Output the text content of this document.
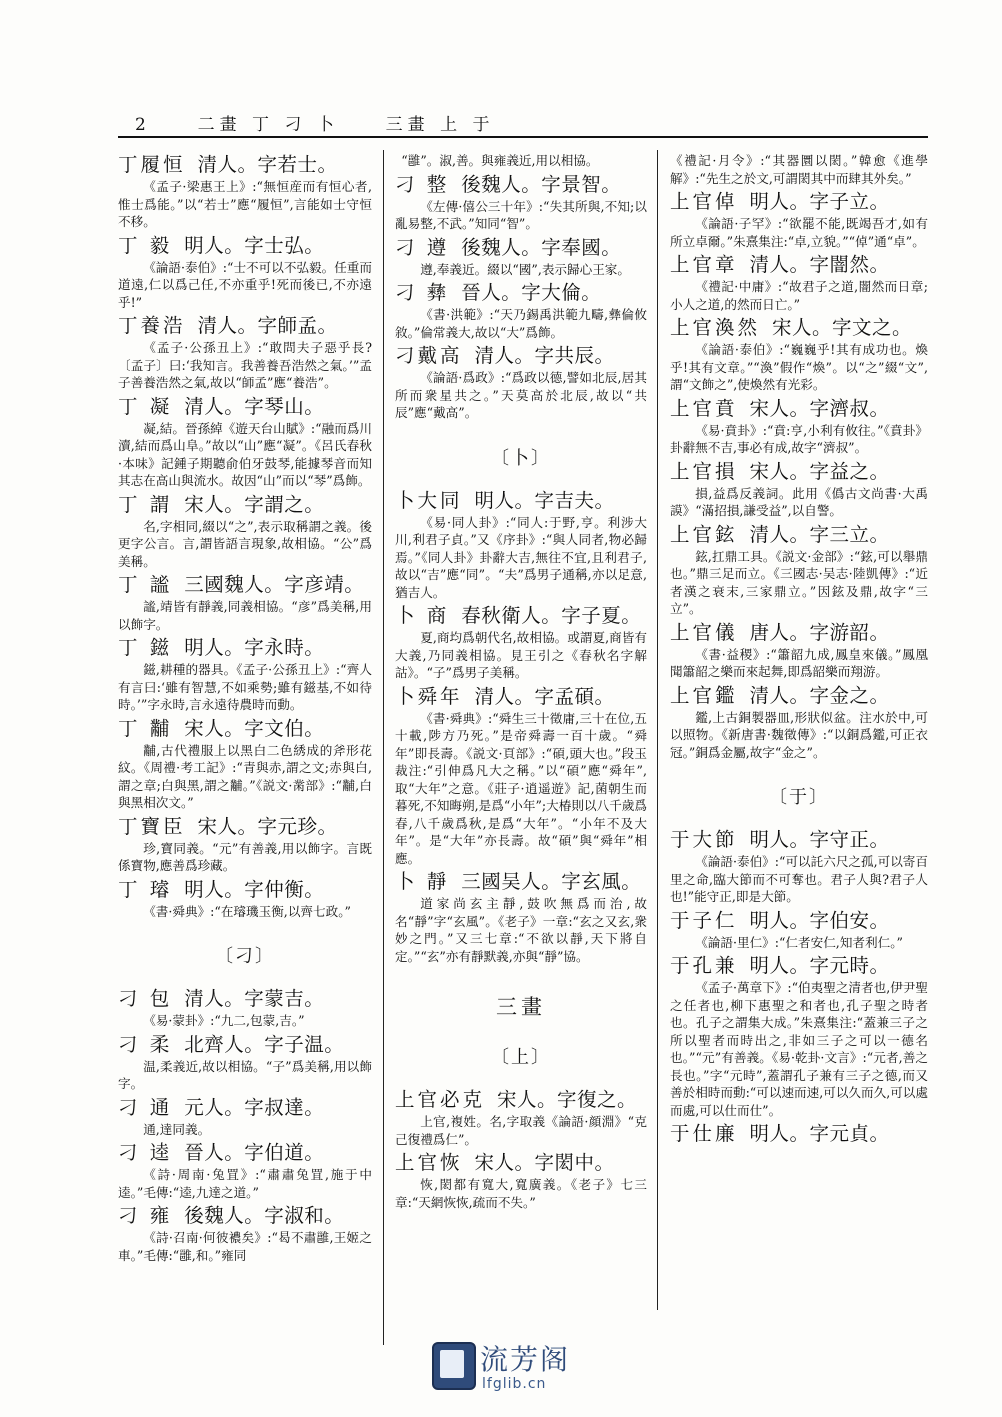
2	二畫 丁 刁 卜	三畫 上 于
丁履恒 清人。字若士。

《孟子·梁惠王上》:“無恒産而有恒心者,惟士爲能。”以“若士”應“履恒”,言能如士守恒不移。

丁 毅 明人。字士弘。

《論語·泰伯》:“士不可以不弘毅。任重而道遠,仁以爲己任,不亦重乎!死而後已,不亦遠乎!”

丁養浩 清人。字師孟。

《孟子·公孫丑上》:“敢問夫子惡乎長?〔孟子〕曰:‘我知言。我善養吾浩然之氣。’”孟子善養浩然之氣,故以“師孟”應“養浩”。

丁 凝 清人。字琴山。

凝,結。晉孫綽《遊天台山賦》:“融而爲川瀆,結而爲山阜。”故以“山”應“凝”。《呂氏春秋·本味》記鍾子期聽俞伯牙鼓琴,能據琴音而知其志在高山與流水。故因“山”而以“琴”爲飾。

丁 謂 宋人。字謂之。

名,字相同,綴以“之”,表示取稱謂之義。後更字公言。言,謂皆語言現象,故相協。“公”爲美稱。

丁 謐 三國魏人。字彦靖。

謐,靖皆有靜義,同義相協。“彦”爲美稱,用以飾字。

丁 鎡 明人。字永時。

鎡,耕種的器具。《孟子·公孫丑上》:“齊人有言曰:‘雖有智慧,不如乘勢;雖有鎡基,不如待時。’”字永時,言永遠待農時而動。

丁 黼 宋人。字文伯。

黼,古代禮服上以黑白二色綉成的斧形花紋。《周禮·考工記》:“青與赤,謂之文;赤與白,謂之章;白與黑,謂之黼。”《説文·黹部》:“黼,白與黑相次文。”

丁寶臣 宋人。字元珍。

珍,寶同義。“元”有善義,用以飾字。言既係寶物,應善爲珍藏。

丁 璿 明人。字仲衡。

《書·舜典》:“在璿璣玉衡,以齊七政。”

〔刁〕
刁 包 清人。字蒙吉。

《易·蒙卦》:“九二,包蒙,吉。”

刁 柔 北齊人。字子温。

温,柔義近,故以相協。“子”爲美稱,用以飾字。

刁 通 元人。字叔達。

通,達同義。

刁 逵 晉人。字伯道。

《詩·周南·兔罝》:“肅肅兔罝,施于中逵。”毛傳:“逵,九達之道。”

刁 雍 後魏人。字淑和。

《詩·召南·何彼襛矣》:“曷不肅雝,王姬之車。”毛傳:“雝,和。”雍同

“雝”。淑,善。與雍義近,用以相協。
刁 整 後魏人。字景智。

《左傳·僖公三十年》:“失其所與,不知;以亂易整,不武。”知同“智”。

刁 遵 後魏人。字奉國。

遵,奉義近。綴以“國”,表示歸心王家。

刁 彝 晉人。字大倫。

《書·洪範》:“天乃錫禹洪範九疇,彝倫攸敘。”倫常義大,故以“大”爲飾。

刁戴高 清人。字共辰。

《論語·爲政》:“爲政以德,譬如北辰,居其所而衆星共之。”天莫高於北辰,故以“共辰”應“戴高”。

〔卜〕
卜大同 明人。字吉夫。

《易·同人卦》:“同人:于野,亨。利涉大川,利君子貞。”又《序卦》:“與人同者,物必歸焉。”《同人卦》卦辭大吉,無往不宜,且利君子,故以“吉”應“同”。“夫”爲男子通稱,亦以足意,猶吉人。

卜 商 春秋衛人。字子夏。

夏,商均爲朝代名,故相協。或謂夏,商皆有大義,乃同義相協。見王引之《春秋名字解詁》。“子”爲男子美稱。

卜舜年 清人。字孟碩。

《書·舜典》:“舜生三十徵庸,三十在位,五十載,陟方乃死。”是帝舜壽一百十歲。“舜年”即長壽。《説文·頁部》:“碩,頭大也。”段玉裁注:“引伸爲凡大之稱。”以“碩”應“舜年”,取“大年”之意。《莊子·逍遥遊》記,菌朝生而暮死,不知晦朔,是爲“小年”;大椿則以八千歲爲春,八千歲爲秋,是爲“大年”。“小年不及大年”。是“大年”亦長壽。故“碩”與“舜年”相應。

卜 靜 三國吴人。字玄風。

道家尚玄主靜,鼓吹無爲而治,故名“靜”字“玄風”。《老子》一章:“玄之又玄,衆妙之門。”又三七章:“不欲以靜,天下將自定。”“玄”亦有靜默義,亦與“靜”協。

三畫
〔上〕
上官必克 宋人。字復之。

上官,複姓。名,字取義《論語·顔淵》“克己復禮爲仁”。

上官恢 宋人。字閎中。

恢,閎都有寬大,寬廣義。《老子》七三章:“天網恢恢,疏而不失。”

《禮記·月令》:“其器圜以閎。”韓愈《進學解》:“先生之於文,可謂閎其中而肆其外矣。”
上官倬 明人。字子立。

《論語·子罕》:“欲罷不能,既竭吾才,如有所立卓爾。”朱熹集注:“卓,立貌。”“倬”通“卓”。

上官章 清人。字闇然。

《禮記·中庸》:“故君子之道,闇然而日章;小人之道,的然而日亡。”

上官渙然 宋人。字文之。

《論語·泰伯》:“巍巍乎!其有成功也。煥乎!其有文章。”“渙”假作“煥”。以“之”綴“文”,謂“文飾之”,使煥然有光彩。

上官賁 宋人。字濟叔。

《易·賁卦》:“賁:亨,小利有攸往。”《賁卦》卦辭無不吉,事必有成,故字“濟叔”。

上官損 宋人。字益之。

損,益爲反義詞。此用《僞古文尚書·大禹謨》“滿招損,謙受益”,以自警。

上官鉉 清人。字三立。

鉉,扛鼎工具。《説文·金部》:“鉉,可以舉鼎也。”鼎三足而立。《三國志·吴志·陸凱傳》:“近者漢之衰末,三家鼎立。”因鉉及鼎,故字“三立”。

上官儀 唐人。字游韶。

《書·益稷》:“簫韶九成,鳳皇來儀。”鳳凰聞簫韶之樂而來起舞,即爲韶樂而翔游。

上官鑑 清人。字金之。

鑑,上古銅製器皿,形狀似盆。注水於中,可以照物。《新唐書·魏徵傳》:“以銅爲鑑,可正衣冠。”銅爲金屬,故字“金之”。

〔于〕
于大節 明人。字守正。

《論語·泰伯》:“可以託六尺之孤,可以寄百里之命,臨大節而不可奪也。君子人與?君子人也!”能守正,即是大節。

于子仁 明人。字伯安。

《論語·里仁》:“仁者安仁,知者利仁。”

于孔兼 明人。字元時。

《孟子·萬章下》:“伯夷聖之清者也,伊尹聖之任者也,柳下惠聖之和者也,孔子聖之時者也。孔子之謂集大成。”朱熹集注:“蓋兼三子之所以聖者而時出之,非如三子之可以一德名也。”“元”有善義。《易·乾卦·文言》:“元者,善之長也。”字“元時”,蓋謂孔子兼有三子之德,而又善於相時而動:“可以速而速,可以久而久,可以處而處,可以仕而仕”。

于仕廉 明人。字元貞。
流芳阁
lfglib.cn
